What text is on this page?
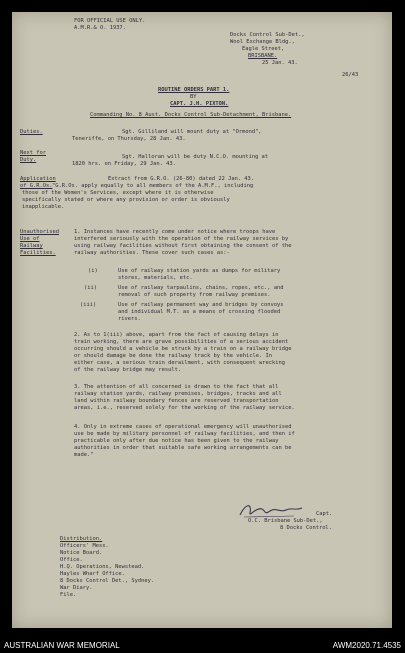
FOR OFFICIAL USE ONLY.
A.M.R.& O. 1937.
Docks Control Sub-Det.,
Wool Exchange Bldg.,
Eagle Street,
BRISBANE.
25 Jan. 43.
26/43
ROUTINE ORDERS PART 1.
BY
CAPT. J.H. PIXTON.
Commanding No. 8 Aust. Docks Control Sub-Detachment, Brisbane.
Duties.	Sgt. Gilliland will mount duty at "Ormond",
Teneriffe, on Thursday, 28 Jan. 43.
Next for
Duty.	Sgt. Halloran will be duty N.C.O. mounting at
1820 hrs. on Friday, 29 Jan. 43.
Application
of G.R.Os.
Extract from G.R.O. (26-80) dated 22 Jan. 43.
"G.R.Os. apply equally to all members of the A.M.F., including
those of the Women's Services, except where it is otherwise
specifically stated or where any provision or order is obviously
inapplicable.
Unauthorised
Use of
Railway
Facilities.
1. Instances have recently come under notice where troops have
interfered seriously with the operation of the railway services by
using railway facilities without first obtaining the consent of the
railway authorities. These cover such cases as:-
(i)	Use of railway station yards as dumps for military
stores, materials, etc.
(ii)	Use of railway tarpaulins, chains, ropes, etc., and
removal of such property from railway premises.
(iii)	Use of railway permanent way and bridges by convoys
and individual M.T. as a means of crossing flooded
rivers.
2. As to 1(iii) above, apart from the fact of causing delays in
train working, there are grave possibilities of a serious accident
occurring should a vehicle be struck by a train on a railway bridge
or should damage be done the railway track by the vehicle. In
either case, a serious train derailment, with consequent wrecking
of the railway bridge may result.
3. The attention of all concerned is drawn to the fact that all
railway station yards, railway premises, bridges, tracks and all
land within railway boundary fences are reserved transportation
areas, i.e., reserved solely for the working of the railway service.
4. Only in extreme cases of operational emergency will unauthorised
use be made by military personnel of railway facilities, and then if
practicable only after due notice has been given to the railway
authorities in order that suitable safe working arrangements can be
made."
Capt.
O.C. Brisbane Sub-Det.,
8 Docks Control.
Distribution.
Officers' Mess.
Notice Board.
Office.
H.Q. Operations, Newstead.
Hayles Wharf Office.
8 Docks Control Det., Sydney.
War Diary.
File.
AUSTRALIAN WAR MEMORIAL	AWM2020.71.4535
